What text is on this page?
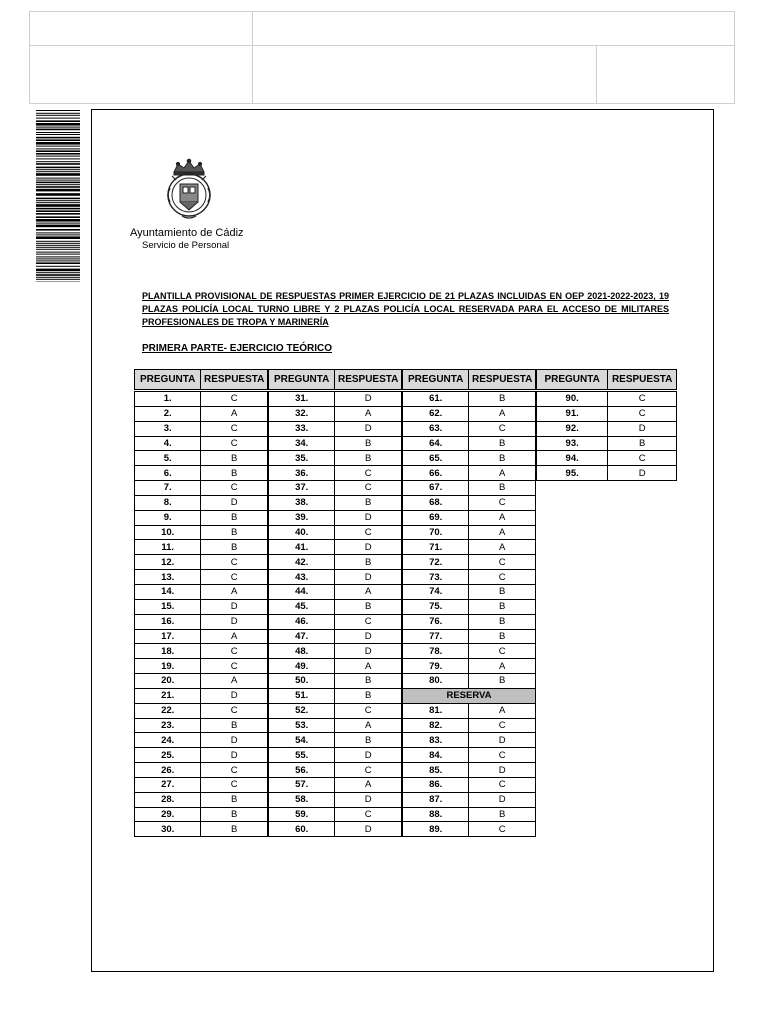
Ayuntamiento de Cádiz
Servicio de Personal
PLANTILLA PROVISIONAL DE RESPUESTAS PRIMER EJERCICIO DE 21 PLAZAS INCLUIDAS EN OEP 2021-2022-2023, 19 PLAZAS POLICÍA LOCAL TURNO LIBRE Y 2 PLAZAS POLICÍA LOCAL RESERVADA PARA EL ACCESO DE MILITARES PROFESIONALES DE TROPA Y MARINERÍA
PRIMERA PARTE- EJERCICIO TEÓRICO
PREGUNTA	RESPUESTA

1.	C
2.	A
3.	C
4.	C
5.	B
6.	B
7.	C
8.	D
9.	B
10.	B
11.	B
12.	C
13.	C
14.	A
15.	D
16.	D
17.	A
18.	C
19.	C
20.	A
21.	D
22.	C
23.	B
24.	D
25.	D
26.	C
27.	C
28.	B
29.	B
30.	B
PREGUNTA	RESPUESTA

31.	D
32.	A
33.	D
34.	B
35.	B
36.	C
37.	C
38.	B
39.	D
40.	C
41.	D
42.	B
43.	D
44.	A
45.	B
46.	C
47.	D
48.	D
49.	A
50.	B
51.	B
52.	C
53.	A
54.	B
55.	D
56.	C
57.	A
58.	D
59.	C
60.	D
PREGUNTA	RESPUESTA

61.	B
62.	A
63.	C
64.	B
65.	B
66.	A
67.	B
68.	C
69.	A
70.	A
71.	A
72.	C
73.	C
74.	B
75.	B
76.	B
77.	B
78.	C
79.	A
80.	B
RESERVA	
81.	A
82.	C
83.	D
84.	C
85.	D
86.	C
87.	D
88.	B
89.	C
PREGUNTA	RESPUESTA

90.	C
91.	C
92.	D
93.	B
94.	C
95.	D
